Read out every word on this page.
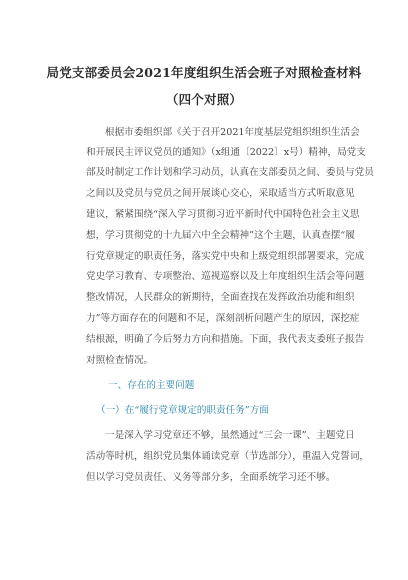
局党支部委员会2021年度组织生活会班子对照检查材料
（四个对照）
根据市委组织部《关于召开2021年度基层党组织组织生活会
和开展民主评议党员的通知》（x组通〔2022〕x号）精神，局党支
部及时制定工作计划和学习动员，认真在支部委员之间、委员与党员
之间以及党员与党员之间开展谈心交心，采取适当方式听取意见
建议，紧紧围绕“深入学习贯彻习近平新时代中国特色社会主义思
想，学习贯彻党的十九届六中全会精神”这个主题，认真查摆“履
行党章规定的职责任务，落实党中央和上级党组织部署要求，完成
党史学习教育、专项整治、巡视巡察以及上年度组织生活会等问题
整改情况，人民群众的新期待，全面查找在发挥政治功能和组织
力”等方面存在的问题和不足，深刻剖析问题产生的原因，深挖症
结根源，明确了今后努力方向和措施。下面，我代表支委班子报告
对照检查情况。
一、存在的主要问题
（一）在“履行党章规定的职责任务”方面
一是深入学习党章还不够，虽然通过“三会一课”、主题党日
活动等时机，组织党员集体诵读党章（节选部分），重温入党誓词，
但以学习党员责任、义务等部分多，全面系统学习还不够。
